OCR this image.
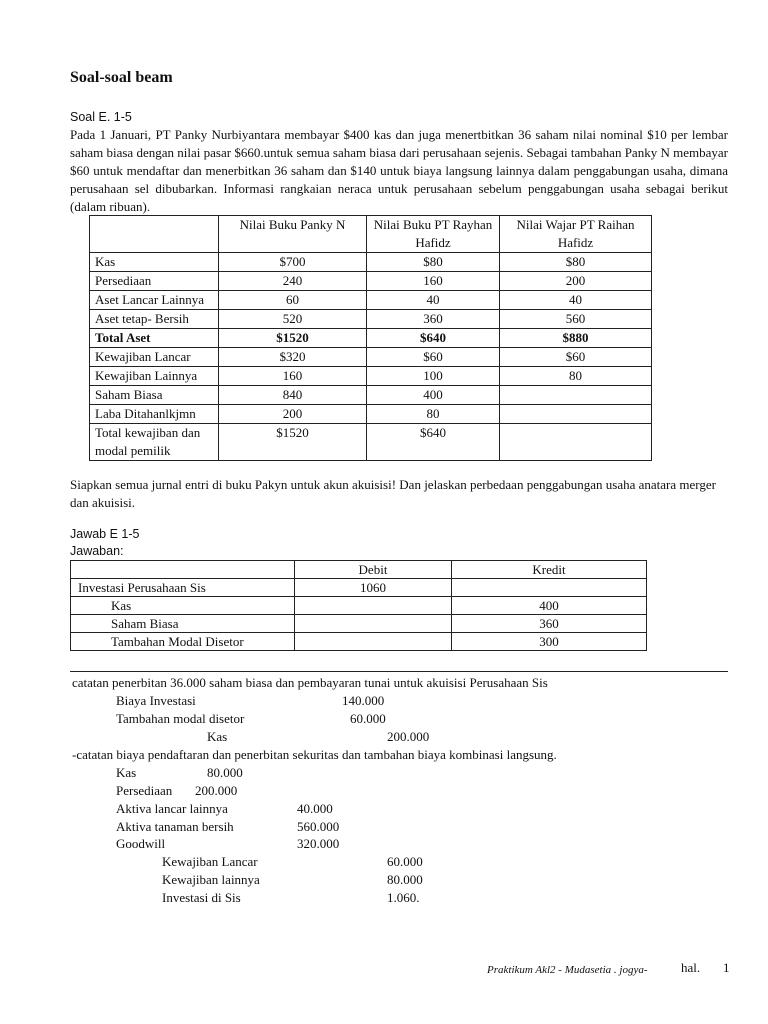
Soal-soal beam
Soal E. 1-5

Pada 1 Januari, PT Panky Nurbiyantara membayar $400 kas dan juga menertbitkan 36 saham nilai nominal $10 per lembar saham biasa dengan nilai pasar $660.untuk semua saham biasa dari perusahaan sejenis. Sebagai tambahan Panky N membayar $60 untuk mendaftar dan menerbitkan 36 saham dan $140 untuk biaya langsung lainnya dalam penggabungan usaha, dimana perusahaan sel dibubarkan. Informasi rangkaian neraca untuk perusahaan sebelum penggabungan usaha sebagai berikut (dalam ribuan).

	Nilai Buku Panky N	Nilai Buku PT Rayhan Hafidz	Nilai Wajar PT Raihan Hafidz
Kas	$700	$80	$80
Persediaan	240	160	200
Aset Lancar Lainnya	60	40	40
Aset tetap- Bersih	520	360	560
Total Aset	$1520	$640	$880
Kewajiban Lancar	$320	$60	$60
Kewajiban Lainnya	160	100	80
Saham Biasa	840	400	
Laba Ditahanlkjmn	200	80	
Total kewajiban dan modal pemilik	$1520	$640	

Siapkan semua jurnal entri di buku Pakyn untuk akun akuisisi! Dan jelaskan perbedaan penggabungan usaha anatara merger dan akuisisi.

Jawab E 1-5
Jawaban:
	Debit	Kredit
Investasi Perusahaan Sis	1060	
Kas		400
Saham Biasa		360
Tambahan Modal Disetor		300
catatan penerbitan 36.000 saham biasa dan pembayaran tunai untuk akuisisi Perusahaan Sis
Biaya Investasi	140.000
Tambahan modal disetor	60.000
Kas	200.000
-catatan biaya pendaftaran dan penerbitan sekuritas dan tambahan biaya kombinasi langsung.
Kas	80.000
Persediaan 200.000
Aktiva lancar lainnya	40.000
Aktiva tanaman bersih	560.000
Goodwill	320.000
Kewajiban Lancar	60.000
Kewajiban lainnya	80.000
Investasi di Sis	1.060.
Praktikum Akl2 - Mudasetia . jogya-	hal. 1
